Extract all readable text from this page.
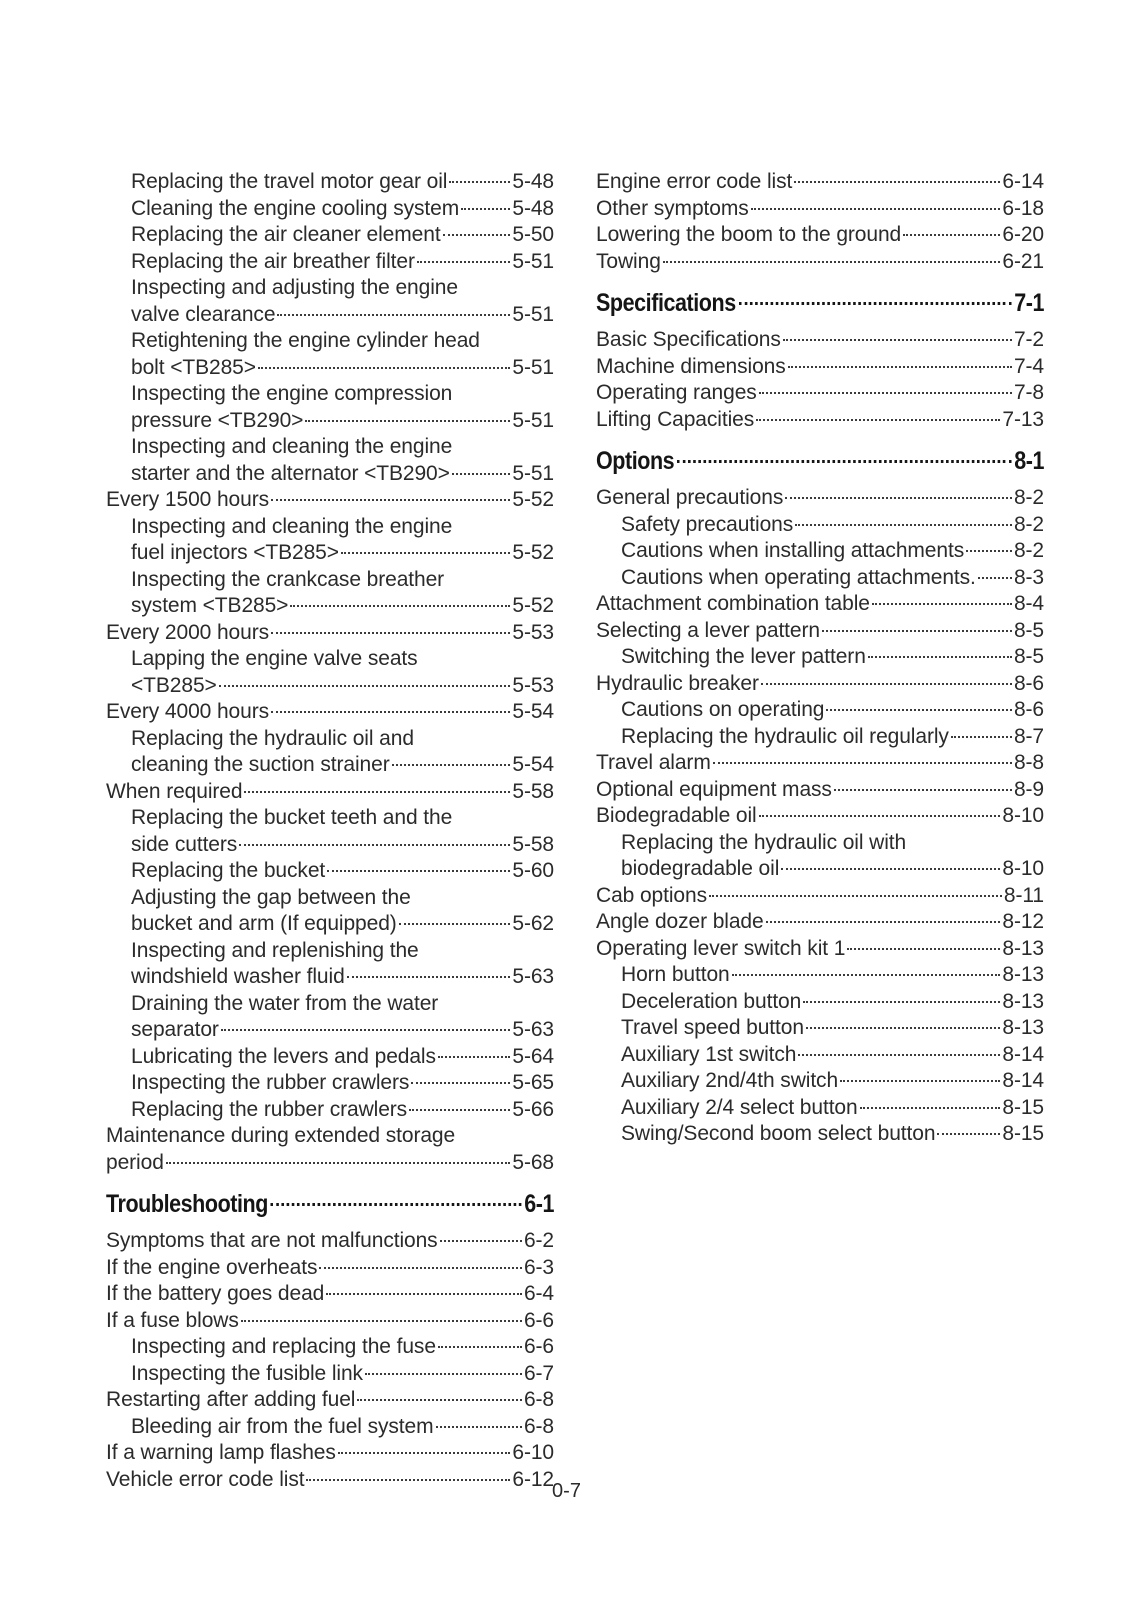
Replacing the travel motor gear oil	5-48
Cleaning the engine cooling system	5-48
Replacing the air cleaner element	5-50
Replacing the air breather filter	5-51
Inspecting and adjusting the engine
valve clearance	5-51
Retightening the engine cylinder head
bolt <TB285>	5-51
Inspecting the engine compression
pressure <TB290>	5-51
Inspecting and cleaning the engine
starter and the alternator <TB290>	5-51
Every 1500 hours	5-52
Inspecting and cleaning the engine
fuel injectors <TB285>	5-52
Inspecting the crankcase breather
system <TB285>	5-52
Every 2000 hours	5-53
Lapping the engine valve seats
<TB285>	5-53
Every 4000 hours	5-54
Replacing the hydraulic oil and
cleaning the suction strainer	5-54
When required	5-58
Replacing the bucket teeth and the
side cutters	5-58
Replacing the bucket	5-60
Adjusting the gap between the
bucket and arm (If equipped)	5-62
Inspecting and replenishing the
windshield washer fluid	5-63
Draining the water from the water
separator	5-63
Lubricating the levers and pedals	5-64
Inspecting the rubber crawlers	5-65
Replacing the rubber crawlers	5-66
Maintenance during extended storage
period	5-68
Troubleshooting	6-1
Symptoms that are not malfunctions	6-2
If the engine overheats	6-3
If the battery goes dead	6-4
If a fuse blows	6-6
Inspecting and replacing the fuse	6-6
Inspecting the fusible link	6-7
Restarting after adding fuel	6-8
Bleeding air from the fuel system	6-8
If a warning lamp flashes	6-10
Vehicle error code list	6-12
Engine error code list	6-14
Other symptoms	6-18
Lowering the boom to the ground	6-20
Towing	6-21
Specifications	7-1
Basic Specifications	7-2
Machine dimensions	7-4
Operating ranges	7-8
Lifting Capacities	7-13
Options	8-1
General precautions	8-2
Safety precautions	8-2
Cautions when installing attachments 8-2
Cautions when operating attachments. 8-3
Attachment combination table	8-4
Selecting a lever pattern	8-5
Switching the lever pattern	8-5
Hydraulic breaker	8-6
Cautions on operating	8-6
Replacing the hydraulic oil regularly	8-7
Travel alarm	8-8
Optional equipment mass	8-9
Biodegradable oil	8-10
Replacing the hydraulic oil with
biodegradable oil	8-10
Cab options	8-11
Angle dozer blade	8-12
Operating lever switch kit 1	8-13
Horn button	8-13
Deceleration button	8-13
Travel speed button	8-13
Auxiliary 1st switch	8-14
Auxiliary 2nd/4th switch	8-14
Auxiliary 2/4 select button	8-15
Swing/Second boom select button	8-15
0-7
